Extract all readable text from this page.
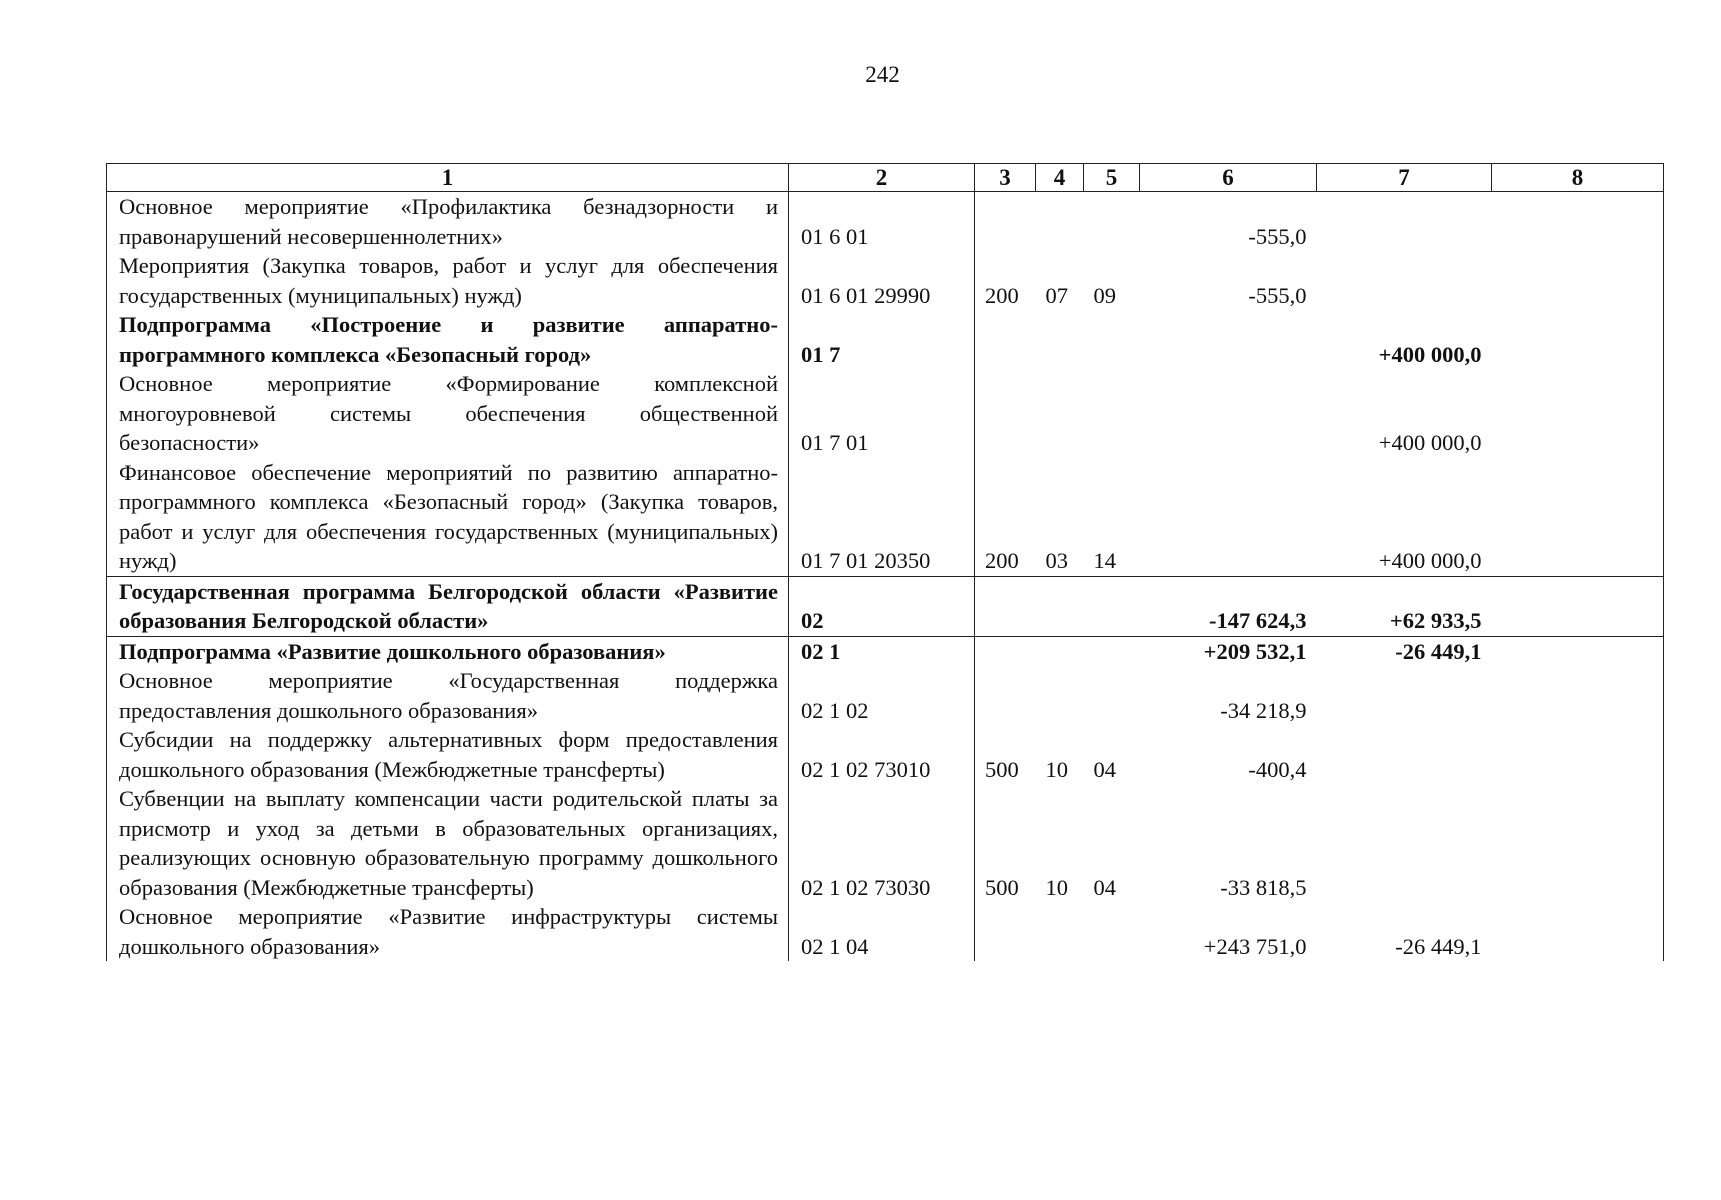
242
1	2	3	4	5	6	7	8
Основное мероприятие «Профилактика безнадзорности и правонарушений несовершеннолетних»	01 6 01				-555,0		
Мероприятия (Закупка товаров, работ и услуг для обеспечения государственных (муниципальных) нужд)	01 6 01 29990	200	07	09	-555,0		
Подпрограмма «Построение и развитие аппаратно-программного комплекса «Безопасный город»	01 7					+400 000,0	
Основное мероприятие «Формирование комплексной многоуровневой системы обеспечения общественной безопасности»	01 7 01					+400 000,0	
Финансовое обеспечение мероприятий по развитию аппаратно-программного комплекса «Безопасный город» (Закупка товаров, работ и услуг для обеспечения государственных (муниципальных) нужд)	01 7 01 20350	200	03	14		+400 000,0	
Государственная программа Белгородской области «Развитие образования Белгородской области»	02				-147 624,3	+62 933,5	
Подпрограмма «Развитие дошкольного образования»	02 1				+209 532,1	-26 449,1	
Основное мероприятие «Государственная поддержка предоставления дошкольного образования»	02 1 02				-34 218,9		
Субсидии на поддержку альтернативных форм предоставления дошкольного образования (Межбюджетные трансферты)	02 1 02 73010	500	10	04	-400,4		
Субвенции на выплату компенсации части родительской платы за присмотр и уход за детьми в образовательных организациях, реализующих основную образовательную программу дошкольного образования (Межбюджетные трансферты)	02 1 02 73030	500	10	04	-33 818,5		
Основное мероприятие «Развитие инфраструктуры системы дошкольного образования»	02 1 04				+243 751,0	-26 449,1	
